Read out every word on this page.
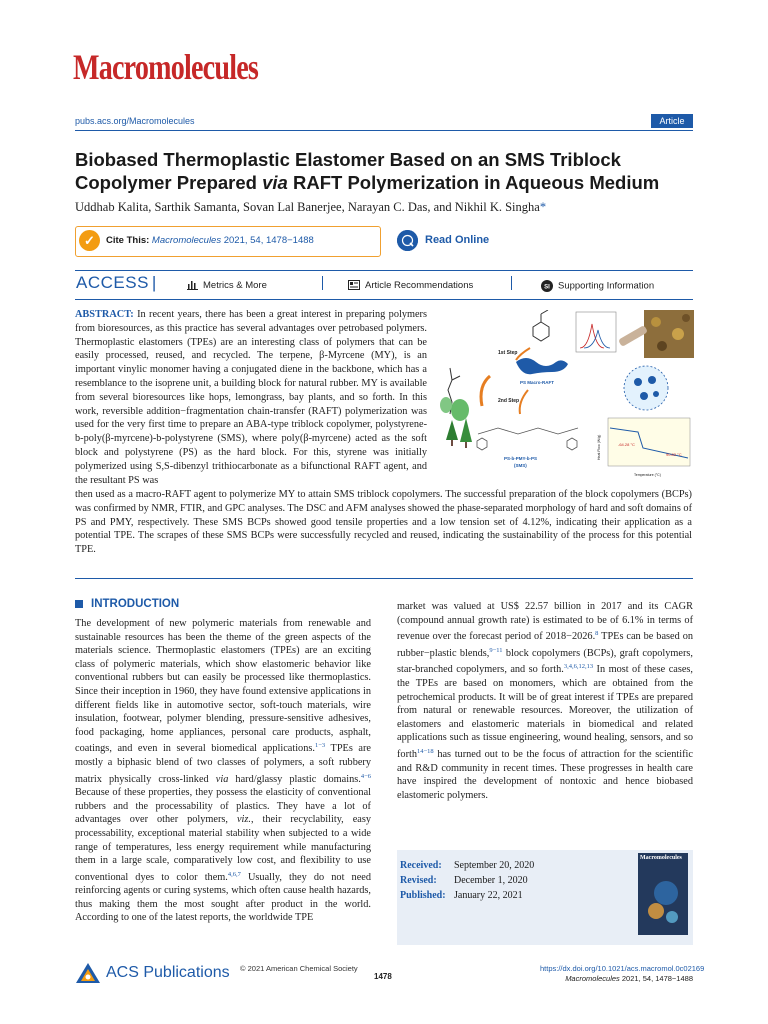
Macromolecules
pubs.acs.org/Macromolecules	Article
Biobased Thermoplastic Elastomer Based on an SMS Triblock
Copolymer Prepared via RAFT Polymerization in Aqueous Medium
Uddhab Kalita, Sarthik Samanta, Sovan Lal Banerjee, Narayan C. Das, and Nikhil K. Singha*
✓	Cite This: Macromolecules 2021, 54, 1478−1488	Read Online
ACCESS |	Metrics & More	Article Recommendations	SI Supporting Information
ABSTRACT: In recent years, there has been a great interest in preparing polymers from bioresources, as this practice has several advantages over petrobased polymers. Thermoplastic elastomers (TPEs) are an interesting class of polymers that can be easily processed, reused, and recycled. The terpene, β-Myrcene (MY), is an important vinylic monomer having a conjugated diene in the backbone, which has a resemblance to the isoprene unit, a building block for natural rubber. MY is available from several bioresources like hops, lemongrass, bay plants, and so forth. In this work, reversible addition−fragmentation chain-transfer (RAFT) polymerization was used for the very first time to prepare an ABA-type triblock copolymer, polystyrene-b-poly(β-myrcene)-b-polystyrene (SMS), where poly(β-myrcene) acted as the soft block and polystyrene (PS) as the hard block. For this, styrene was initially polymerized using S,S-dibenzyl trithiocarbonate as a bifunctional RAFT agent, and the resultant PS was
then used as a macro-RAFT agent to polymerize MY to attain SMS triblock copolymers. The successful preparation of the block copolymers (BCPs) was confirmed by NMR, FTIR, and GPC analyses. The DSC and AFM analyses showed the phase-separated morphology of hard and soft domains of PS and PMY, respectively. These SMS BCPs showed good tensile properties and a low tension set of 4.12%, indicating their application as a potential TPE. The scrapes of these SMS BCPs were successfully recycled and reused, indicating the sustainability of the process for this potential TPE.
1st Step
PS Macro-RAFT
2nd Step
PS-b-PMY-b-PS
(SMS)
-64.28 °C
90.83 °C
Temperature (°C)
Heat Flow (W/g)
INTRODUCTION
The development of new polymeric materials from renewable and sustainable resources has been the theme of the green aspects of the materials science. Thermoplastic elastomers (TPEs) are an exciting class of polymeric materials, which show elastomeric behavior like conventional rubbers but can easily be processed like thermoplastics. Since their inception in 1960, they have found extensive applications in different fields like in automotive sector, soft-touch materials, wire insulation, footwear, polymer blending, pressure-sensitive adhesives, food packaging, home appliances, personal care products, asphalt, coatings, and even in several biomedical applications.$^{1-3}$ TPEs are mostly a biphasic blend of two classes of polymers, a soft rubbery matrix physically cross-linked via hard/glassy plastic domains.$^{4-6}$ Because of these properties, they possess the elasticity of conventional rubbers and the processability of plastics. They have a lot of advantages over other polymers, viz., their recyclability, easy processability, exceptional material stability when subjected to a wide range of temperatures, less energy requirement while manufacturing them in a large scale, comparatively low cost, and flexibility to use conventional dyes to color them.$^{4,6,7}$ Usually, they do not need reinforcing agents or curing systems, which often cause health hazards, thus making them the most sought after product in the world. According to one of the latest reports, the worldwide TPE
market was valued at US$ 22.57 billion in 2017 and its CAGR (compound annual growth rate) is estimated to be of 6.1% in terms of revenue over the forecast period of 2018−2026.$^8$ TPEs can be based on rubber−plastic blends,$^{9-11}$ block copolymers (BCPs), graft copolymers, star-branched copolymers, and so forth.$^{3,4,6,12,13}$ In most of these cases, the TPEs are based on monomers, which are obtained from the petrochemical products. It will be of great interest if TPEs are prepared from natural or renewable resources. Moreover, the utilization of elastomers and elastomeric materials in biomedical and related applications such as tissue engineering, wound healing, sensors, and so forth$^{14-18}$ has turned out to be the focus of attraction for the scientific and R&D community in recent times. These progresses in health care have inspired the development of nontoxic and hence biobased elastomeric polymers.
Received: September 20, 2020
Revised: December 1, 2020
Published: January 22, 2021
Macromolecules
ACS Publications © 2021 American Chemical Society
1478
https://dx.doi.org/10.1021/acs.macromol.0c02169
Macromolecules 2021, 54, 1478−1488
